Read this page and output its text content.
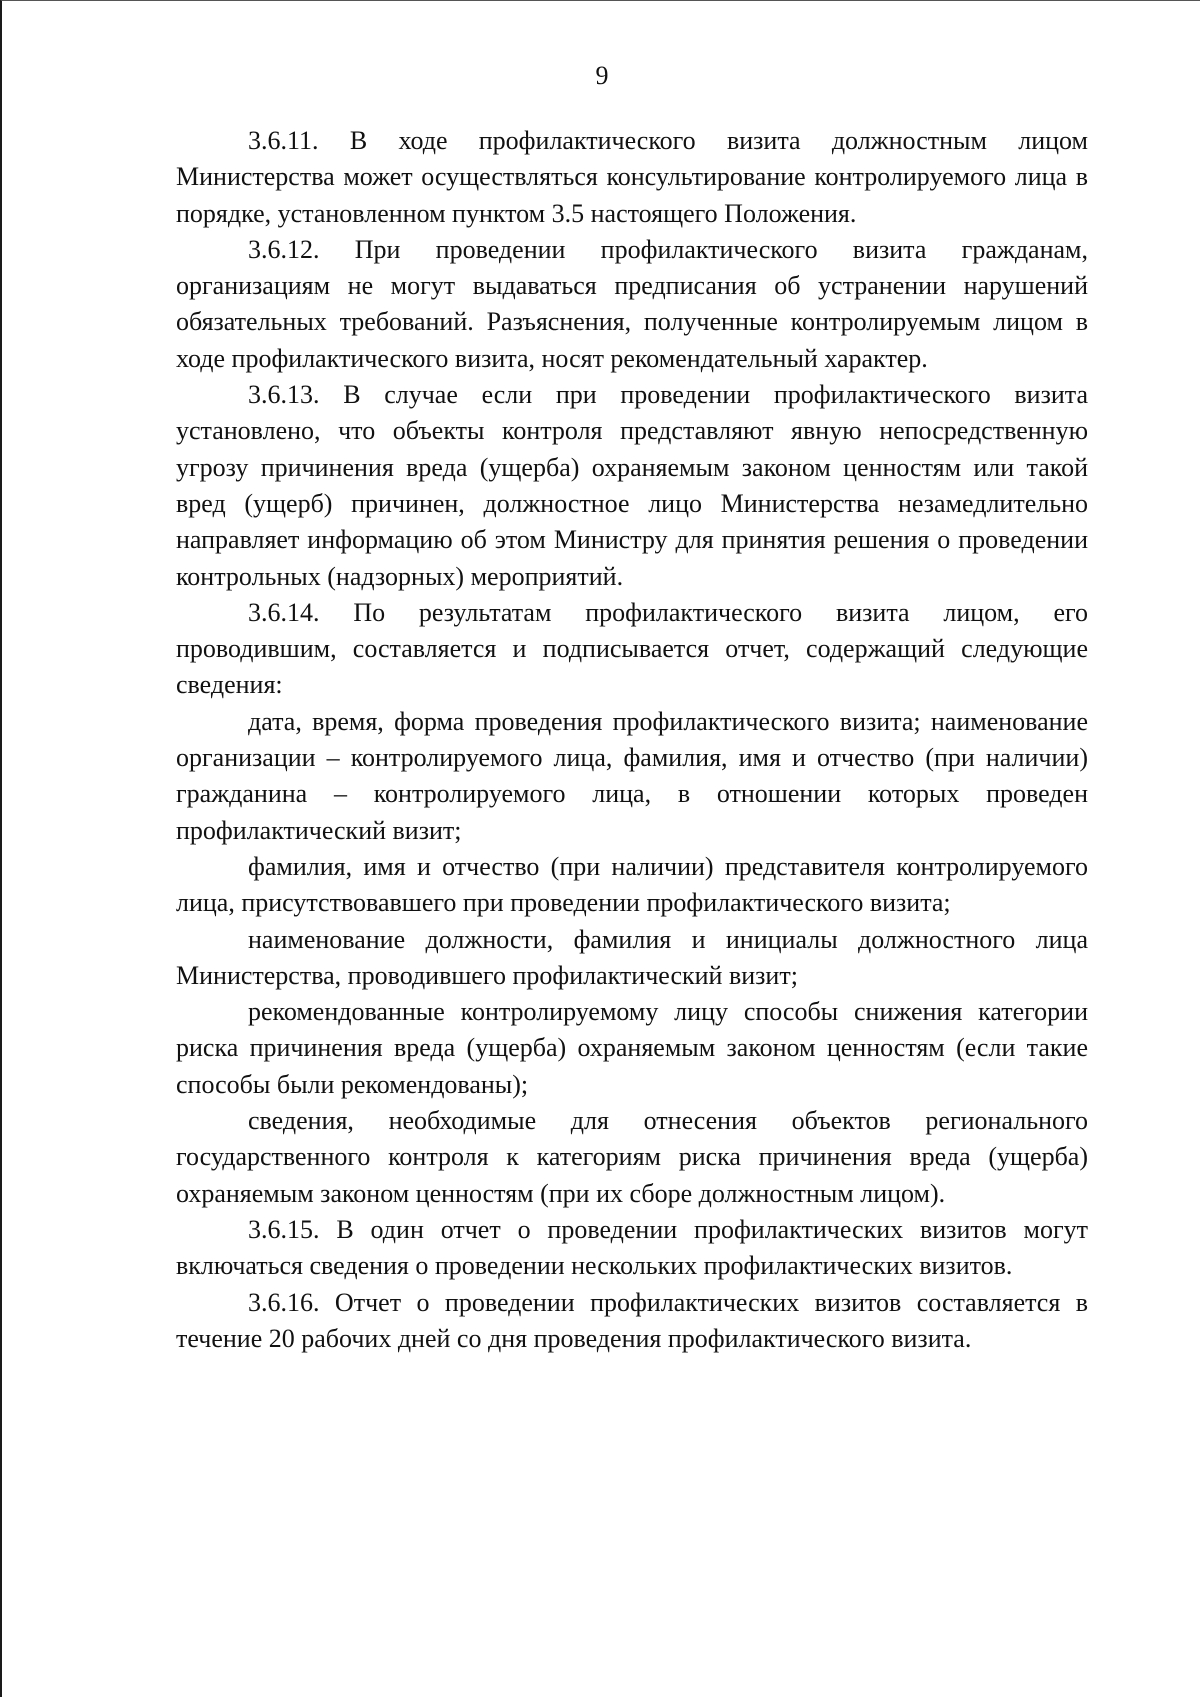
9

3.6.11. В ходе профилактического визита должностным лицом Министерства может осуществляться консультирование контролируемого лица в порядке, установленном пунктом 3.5 настоящего Положения.

3.6.12. При проведении профилактического визита гражданам, организациям не могут выдаваться предписания об устранении нарушений обязательных требований. Разъяснения, полученные контролируемым лицом в ходе профилактического визита, носят рекомендательный характер.

3.6.13. В случае если при проведении профилактического визита установлено, что объекты контроля представляют явную непосредственную угрозу причинения вреда (ущерба) охраняемым законом ценностям или такой вред (ущерб) причинен, должностное лицо Министерства незамедлительно направляет информацию об этом Министру для принятия решения о проведении контрольных (надзорных) мероприятий.

3.6.14. По результатам профилактического визита лицом, его проводившим, составляется и подписывается отчет, содержащий следующие сведения:

дата, время, форма проведения профилактического визита; наименование организации – контролируемого лица, фамилия, имя и отчество (при наличии) гражданина – контролируемого лица, в отношении которых проведен профилактический визит;

фамилия, имя и отчество (при наличии) представителя контролируемого лица, присутствовавшего при проведении профилактического визита;

наименование должности, фамилия и инициалы должностного лица Министерства, проводившего профилактический визит;

рекомендованные контролируемому лицу способы снижения категории риска причинения вреда (ущерба) охраняемым законом ценностям (если такие способы были рекомендованы);

сведения, необходимые для отнесения объектов регионального государственного контроля к категориям риска причинения вреда (ущерба) охраняемым законом ценностям (при их сборе должностным лицом).

3.6.15. В один отчет о проведении профилактических визитов могут включаться сведения о проведении нескольких профилактических визитов.

3.6.16. Отчет о проведении профилактических визитов составляется в течение 20 рабочих дней со дня проведения профилактического визита.
